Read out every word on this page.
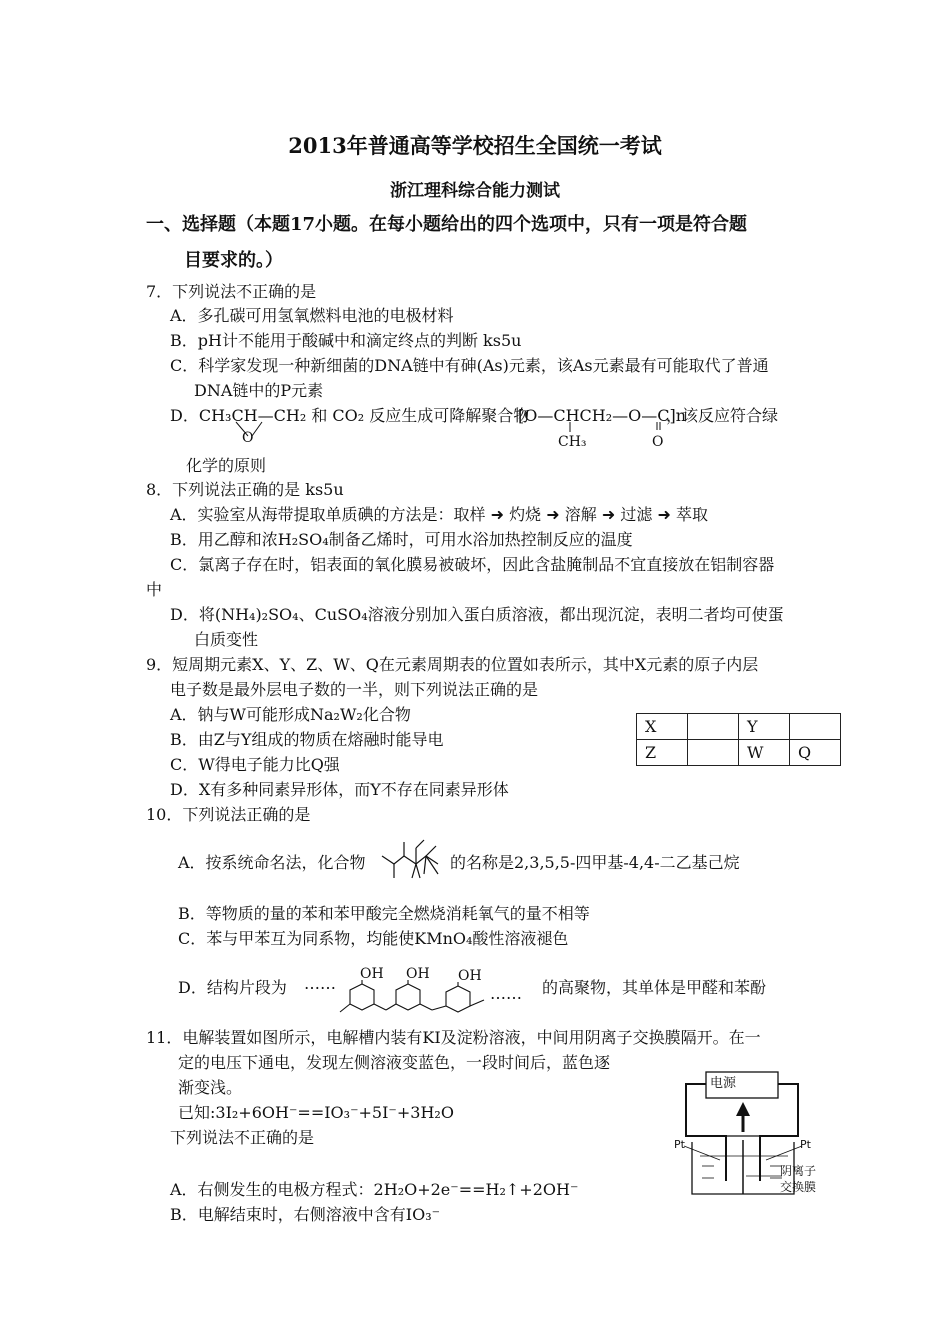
2013年普通高等学校招生全国统一考试
浙江理科综合能力测试
一、选择题（本题17小题。在每小题给出的四个选项中，只有一项是符合题
目要求的。）
7．下列说法不正确的是
A．多孔碳可用氢氧燃料电池的电极材料
B．pH计不能用于酸碱中和滴定终点的判断 ks5u
C．科学家发现一种新细菌的DNA链中有砷(As)元素，该As元素最有可能取代了普通
DNA链中的P元素
D．CH₃CH—CH₂ 和 CO₂ 反应生成可降解聚合物
O
[O—CHCH₂—O—C]n
CH₃	O
，该反应符合绿
化学的原则
8．下列说法正确的是 ks5u
A．实验室从海带提取单质碘的方法是：取样 ➜ 灼烧 ➜ 溶解 ➜ 过滤 ➜ 萃取
B．用乙醇和浓H₂SO₄制备乙烯时，可用水浴加热控制反应的温度
C．氯离子存在时，铝表面的氧化膜易被破坏，因此含盐腌制品不宜直接放在铝制容器
中
D．将(NH₄)₂SO₄、CuSO₄溶液分别加入蛋白质溶液，都出现沉淀，表明二者均可使蛋
白质变性
9．短周期元素X、Y、Z、W、Q在元素周期表的位置如表所示，其中X元素的原子内层
电子数是最外层电子数的一半，则下列说法正确的是
A．钠与W可能形成Na₂W₂化合物
B．由Z与Y组成的物质在熔融时能导电
C．W得电子能力比Q强
D．X有多种同素异形体，而Y不存在同素异形体
X		Y	
Z		W	Q
10．下列说法正确的是
A．按系统命名法，化合物	的名称是2,3,5,5-四甲基-4,4-二乙基己烷
B．等物质的量的苯和苯甲酸完全燃烧消耗氧气的量不相等
C．苯与甲苯互为同系物，均能使KMnO₄酸性溶液褪色
D．结构片段为 ……
……
OH OH OH
的高聚物，其单体是甲醛和苯酚
11．电解装置如图所示，电解槽内装有KI及淀粉溶液，中间用阴离子交换膜隔开。在一
定的电压下通电，发现左侧溶液变蓝色，一段时间后，蓝色逐
渐变浅。
已知:3I₂+6OH⁻==IO₃⁻+5I⁻+3H₂O
下列说法不正确的是
A．右侧发生的电极方程式：2H₂O+2e⁻==H₂↑+2OH⁻
B．电解结束时，右侧溶液中含有IO₃⁻
电源
Pt	Pt
阴离子
交换膜
